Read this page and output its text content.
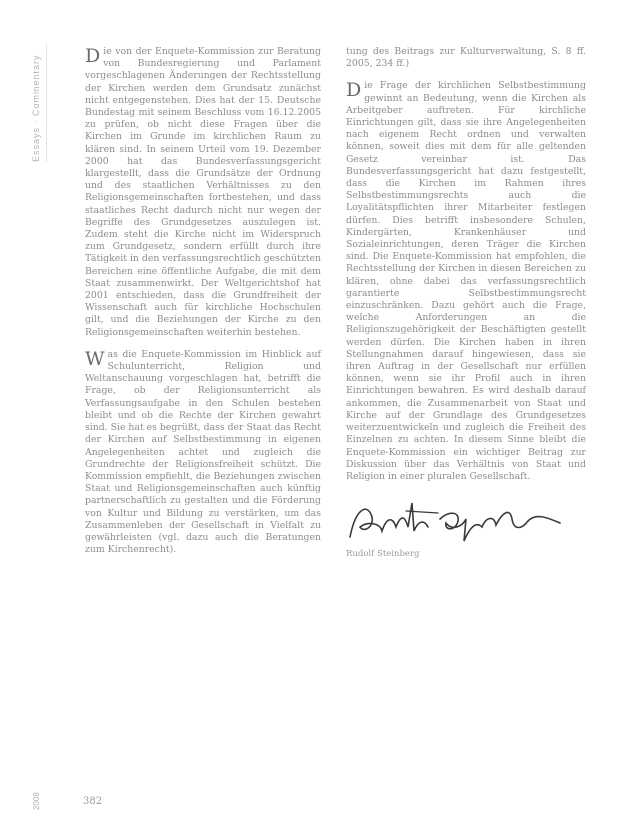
Essays · Commentary Die von der Enquete-Kommission zur Beratung von Bundesregierung und Parlament vorgeschlagenen Änderungen der Rechtsstellung der Kirchen werden dem Grundsatz zunächst nicht entgegenstehen. Dies hat der 15. Deutsche Bundestag mit seinem Beschluss vom 16.12.2005 zu prüfen, ob nicht diese Fragen über die Kirchen im Grunde im kirchlichen Raum zu klären sind. In seinem Urteil vom 19. Dezember 2000 hat das Bundesverfassungsgericht klargestellt, dass die Grundsätze der Ordnung und des staatlichen Verhältnisses zu den Religionsgemeinschaften fortbestehen, und dass staatliches Recht dadurch nicht nur wegen der Begriffe des Grundgesetzes auszulegen ist. Zudem steht die Kirche nicht im Widerspruch zum Grundgesetz, sondern erfüllt durch ihre Tätigkeit in den verfassungsrechtlich geschützten Bereichen eine öffentliche Aufgabe, die mit dem Staat zusammenwirkt. Der Weltgerichtshof hat 2001 entschieden, dass die Grundfreiheit der Wissenschaft auch für kirchliche Hochschulen gilt, und die Beziehungen der Kirche zu den Religionsgemeinschaften weiterhin bestehen.

Was die Enquete-Kommission im Hinblick auf Schulunterricht, Religion und Weltanschauung vorgeschlagen hat, betrifft die Frage, ob der Religionsunterricht als Verfassungsaufgabe in den Schulen bestehen bleibt und ob die Rechte der Kirchen gewahrt sind. Sie hat es begrüßt, dass der Staat das Recht der Kirchen auf Selbstbestimmung in eigenen Angelegenheiten achtet und zugleich die Grundrechte der Religionsfreiheit schützt. Die Kommission empfiehlt, die Beziehungen zwischen Staat und Religionsgemeinschaften auch künftig partnerschaftlich zu gestalten und die Förderung von Kultur und Bildung zu verstärken, um das Zusammenleben der Gesellschaft in Vielfalt zu gewährleisten (vgl. dazu auch die Beratungen zum Kirchenrecht).

tung des Beitrags zur Kulturverwaltung, S. 8 ff. 2005, 234 ff.)

Die Frage der kirchlichen Selbstbestimmung gewinnt an Bedeutung, wenn die Kirchen als Arbeitgeber auftreten. Für kirchliche Einrichtungen gilt, dass sie ihre Angelegenheiten nach eigenem Recht ordnen und verwalten können, soweit dies mit dem für alle geltenden Gesetz vereinbar ist. Das Bundesverfassungsgericht hat dazu festgestellt, dass die Kirchen im Rahmen ihres Selbstbestimmungsrechts auch die Loyalitätspflichten ihrer Mitarbeiter festlegen dürfen. Dies betrifft insbesondere Schulen, Kindergärten, Krankenhäuser und Sozialeinrichtungen, deren Träger die Kirchen sind. Die Enquete-Kommission hat empfohlen, die Rechtsstellung der Kirchen in diesen Bereichen zu klären, ohne dabei das verfassungsrechtlich garantierte Selbstbestimmungsrecht einzuschränken. Dazu gehört auch die Frage, welche Anforderungen an die Religionszugehörigkeit der Beschäftigten gestellt werden dürfen. Die Kirchen haben in ihren Stellungnahmen darauf hingewiesen, dass sie ihren Auftrag in der Gesellschaft nur erfüllen können, wenn sie ihr Profil auch in ihren Einrichtungen bewahren. Es wird deshalb darauf ankommen, die Zusammenarbeit von Staat und Kirche auf der Grundlage des Grundgesetzes weiterzuentwickeln und zugleich die Freiheit des Einzelnen zu achten. In diesem Sinne bleibt die Enquete-Kommission ein wichtiger Beitrag zur Diskussion über das Verhältnis von Staat und Religion in einer pluralen Gesellschaft.

Rudolf Steinberg
2008	382
